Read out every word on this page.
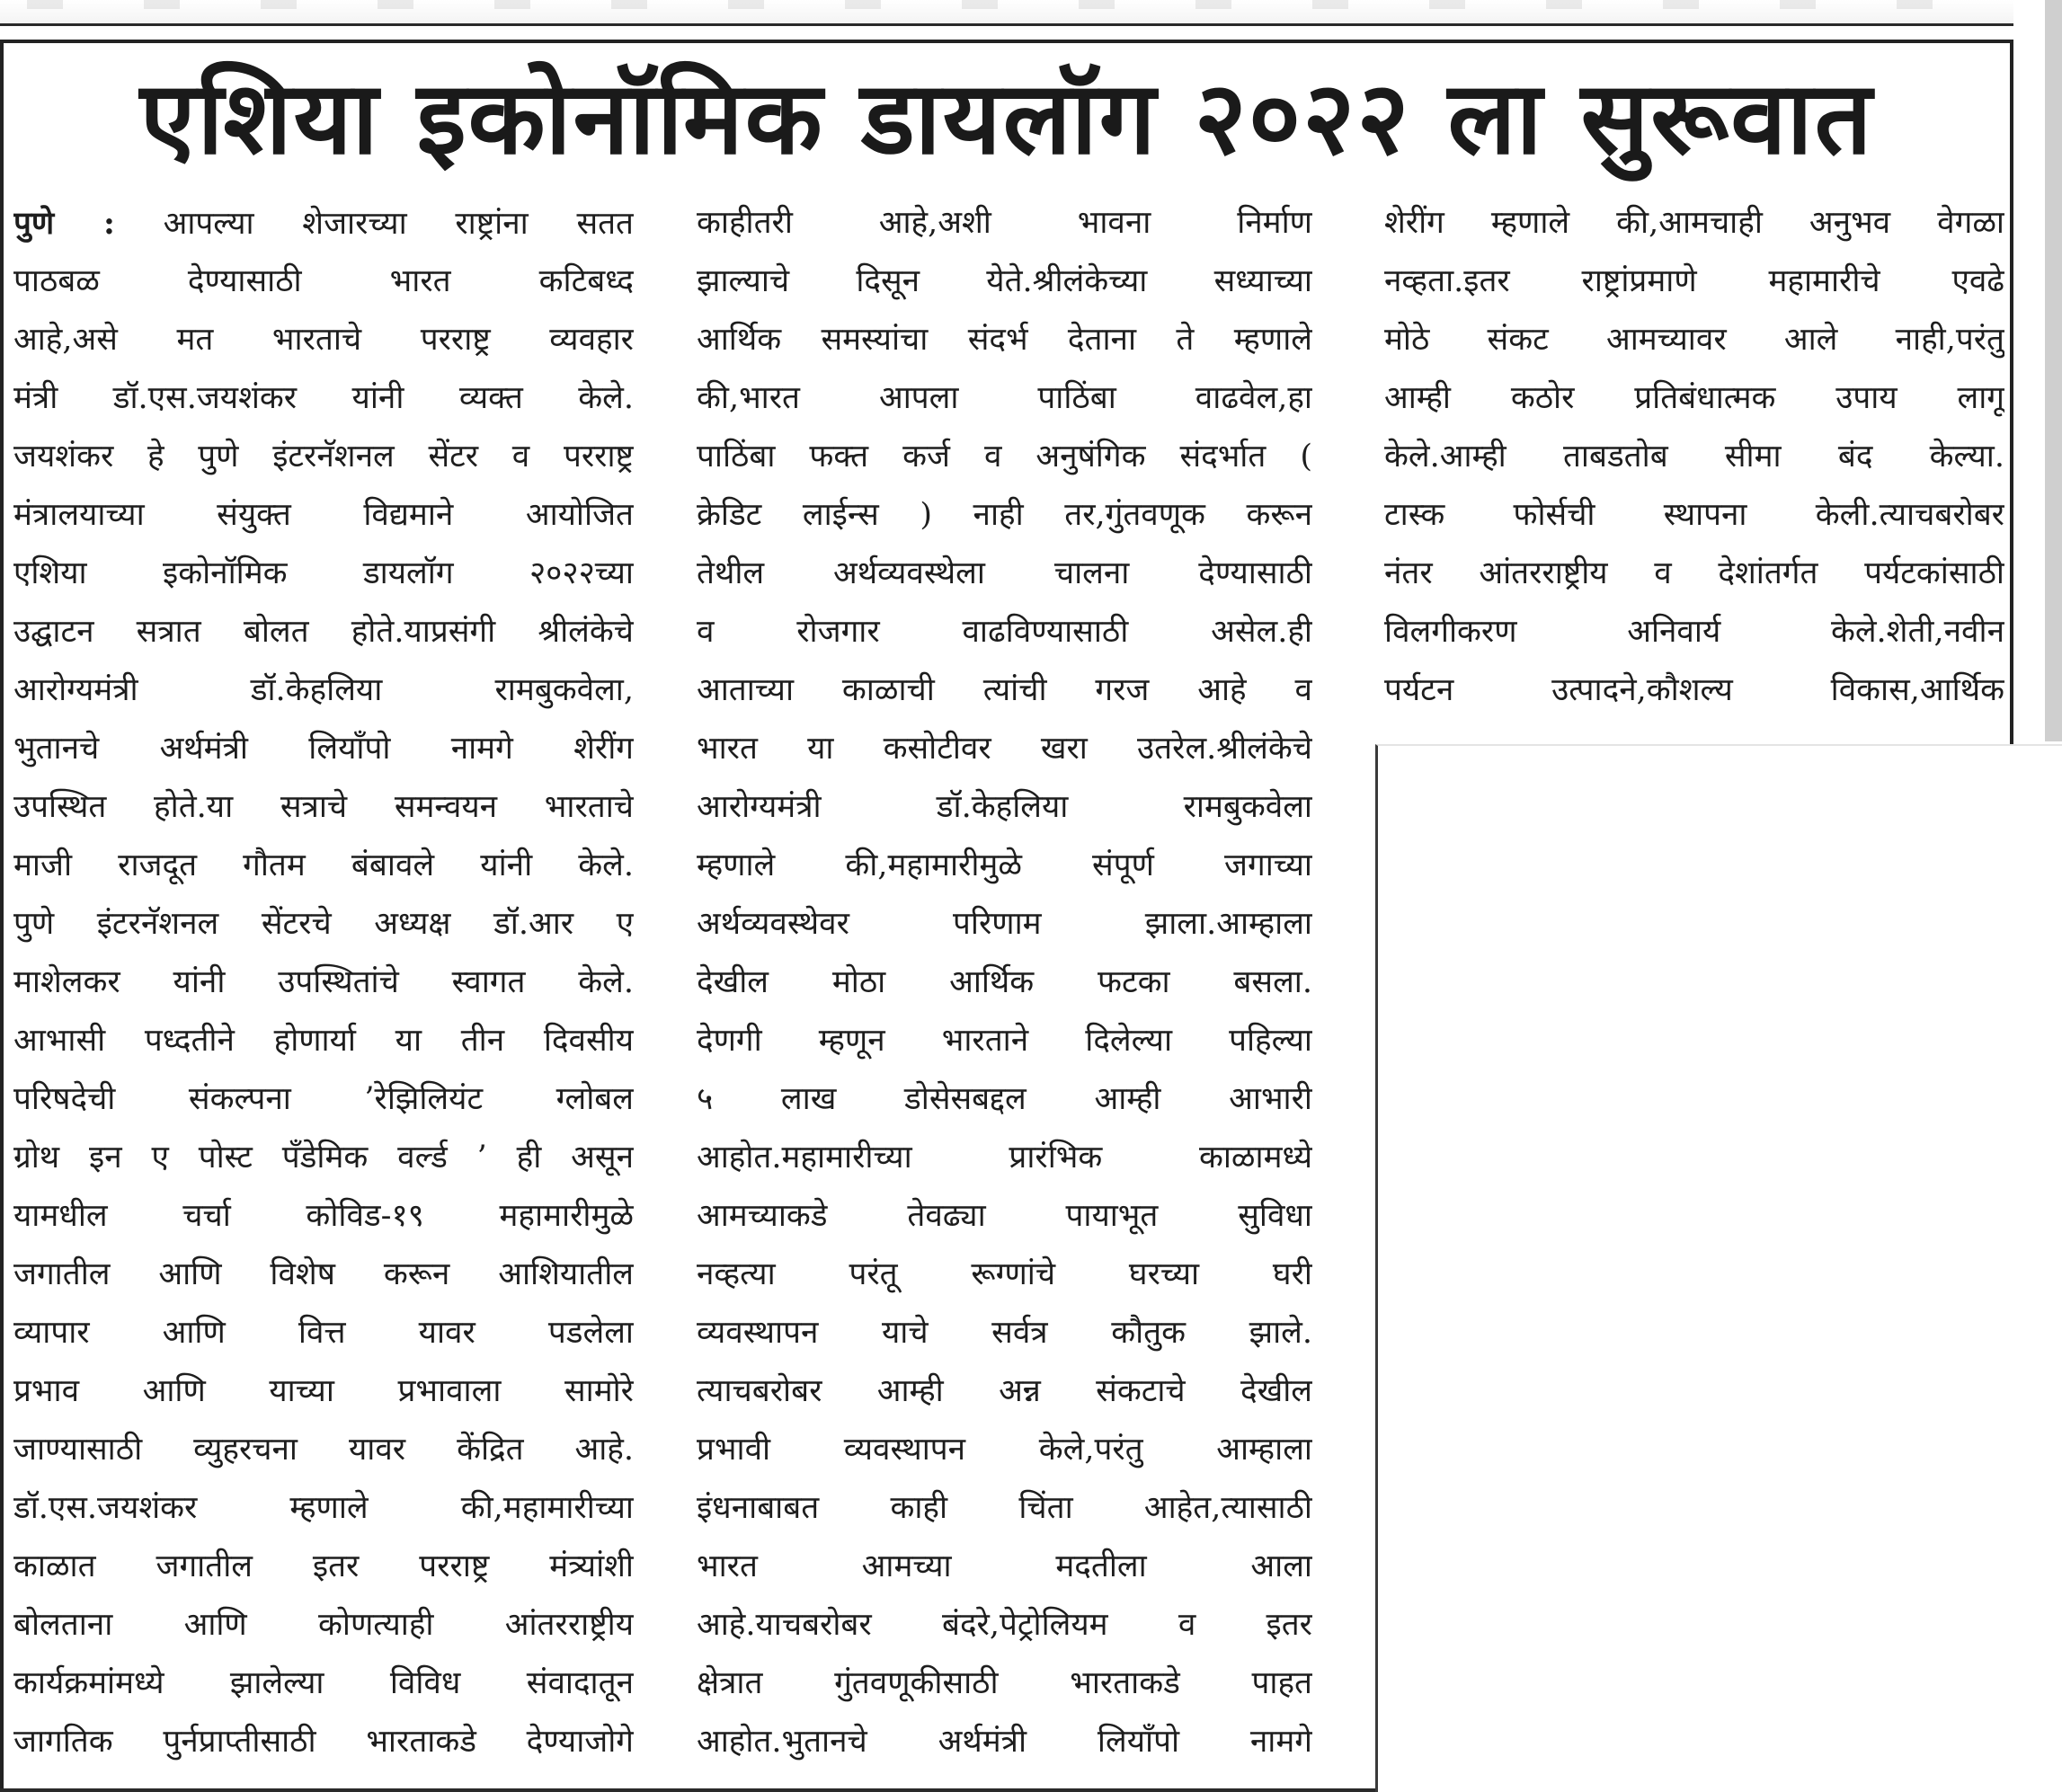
एशिया इकोनॉमिक डायलॉग २०२२ ला सुरूवात
पुणे : आपल्या शेजारच्या राष्ट्रांना सतत
पाठबळ देण्यासाठी भारत कटिबध्द
आहे,असे मत भारताचे परराष्ट्र व्यवहार
मंत्री डॉ.एस.जयशंकर यांनी व्यक्त केले.
जयशंकर हे पुणे इंटरनॅशनल सेंटर व परराष्ट्र
मंत्रालयाच्या संयुक्त विद्यमाने आयोजित
एशिया इकोनॉमिक डायलॉग २०२२च्या
उद्घाटन सत्रात बोलत होते.याप्रसंगी श्रीलंकेचे
आरोग्यमंत्री डॉ.केहलिया रामबुकवेला,
भुतानचे अर्थमंत्री लियाँपो नामगे शेरींग
उपस्थित होते.या सत्राचे समन्वयन भारताचे
माजी राजदूत गौतम बंबावले यांनी केले.
पुणे इंटरनॅशनल सेंटरचे अध्यक्ष डॉ.आर ए
माशेलकर यांनी उपस्थितांचे स्वागत केले.
आभासी पध्दतीने होणार्या या तीन दिवसीय
परिषदेची संकल्पना ’रेझिलियंट ग्लोबल
ग्रोथ इन ए पोस्ट पँडेमिक वर्ल्ड ’ ही असून
यामधील चर्चा कोविड-१९ महामारीमुळे
जगातील आणि विशेष करून आशियातील
व्यापार आणि वित्त यावर पडलेला
प्रभाव आणि याच्या प्रभावाला सामोरे
जाण्यासाठी व्युहरचना यावर केंद्रित आहे.
डॉ.एस.जयशंकर म्हणाले की,महामारीच्या
काळात जगातील इतर परराष्ट्र मंत्र्यांशी
बोलताना आणि कोणत्याही आंतरराष्ट्रीय
कार्यक्रमांमध्ये झालेल्या विविध संवादातून
जागतिक पुर्नप्राप्तीसाठी भारताकडे देण्याजोगे
काहीतरी आहे,अशी भावना निर्माण
झाल्याचे दिसून येते.श्रीलंकेच्या सध्याच्या
आर्थिक समस्यांचा संदर्भ देताना ते म्हणाले
की,भारत आपला पाठिंबा वाढवेल,हा
पाठिंबा फक्त कर्ज व अनुषंगिक संदर्भात (
क्रेडिट लाईन्स ) नाही तर,गुंतवणूक करून
तेथील अर्थव्यवस्थेला चालना देण्यासाठी
व रोजगार वाढविण्यासाठी असेल.ही
आताच्या काळाची त्यांची गरज आहे व
भारत या कसोटीवर खरा उतरेल.श्रीलंकेचे
आरोग्यमंत्री डॉ.केहलिया रामबुकवेला
म्हणाले की,महामारीमुळे संपूर्ण जगाच्या
अर्थव्यवस्थेवर परिणाम झाला.आम्हाला
देखील मोठा आर्थिक फटका बसला.
देणगी म्हणून भारताने दिलेल्या पहिल्या
५ लाख डोसेसबद्दल आम्ही आभारी
आहोत.महामारीच्या प्रारंभिक काळामध्ये
आमच्याकडे तेवढ्या पायाभूत सुविधा
नव्हत्या परंतू रूग्णांचे घरच्या घरी
व्यवस्थापन याचे सर्वत्र कौतुक झाले.
त्याचबरोबर आम्ही अन्न संकटाचे देखील
प्रभावी व्यवस्थापन केले,परंतु आम्हाला
इंधनाबाबत काही चिंता आहेत,त्यासाठी
भारत आमच्या मदतीला आला
आहे.याचबरोबर बंदरे,पेट्रोलियम व इतर
क्षेत्रात गुंतवणूकीसाठी भारताकडे पाहत
आहोत.भुतानचे अर्थमंत्री लियाँपो नामगे
शेरींग म्हणाले की,आमचाही अनुभव वेगळा
नव्हता.इतर राष्ट्रांप्रमाणे महामारीचे एवढे
मोठे संकट आमच्यावर आले नाही,परंतु
आम्ही कठोर प्रतिबंधात्मक उपाय लागू
केले.आम्ही ताबडतोब सीमा बंद केल्या.
टास्क फोर्सची स्थापना केली.त्याचबरोबर
नंतर आंतरराष्ट्रीय व देशांतर्गत पर्यटकांसाठी
विलगीकरण अनिवार्य केले.शेती,नवीन
पर्यटन उत्पादने,कौशल्य विकास,आर्थिक
